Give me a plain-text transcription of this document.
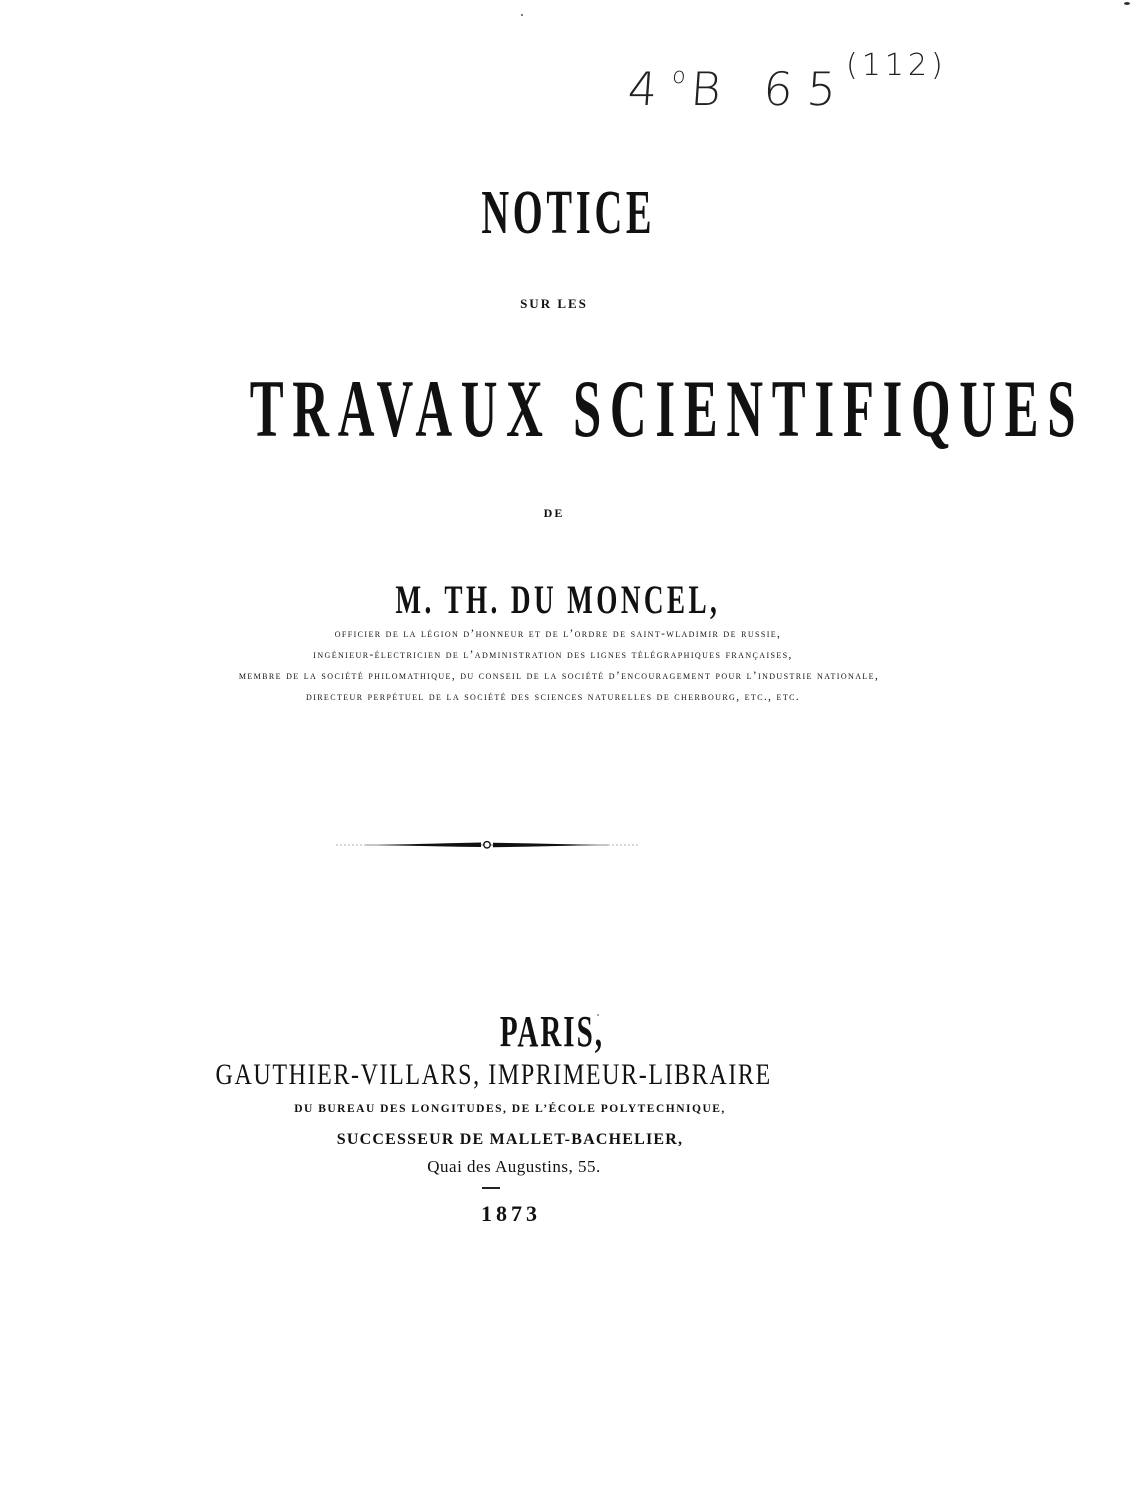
4$^o$B 65
(112)
NOTICE
SUR LES
TRAVAUX SCIENTIFIQUES
DE
M. TH. DU MONCEL,
officier de la légion d’honneur et de l’ordre de saint-wladimir de russie,
ingénieur-électricien de l’administration des lignes télégraphiques françaises,
membre de la société philomathique, du conseil de la société d’encouragement pour l’industrie nationale,
directeur perpétuel de la société des sciences naturelles de cherbourg, etc., etc.
PARIS,
GAUTHIER-VILLARS, IMPRIMEUR-LIBRAIRE
DU BUREAU DES LONGITUDES, DE L’ÉCOLE POLYTECHNIQUE,
SUCCESSEUR DE MALLET-BACHELIER,
Quai des Augustins, 55.
1873
